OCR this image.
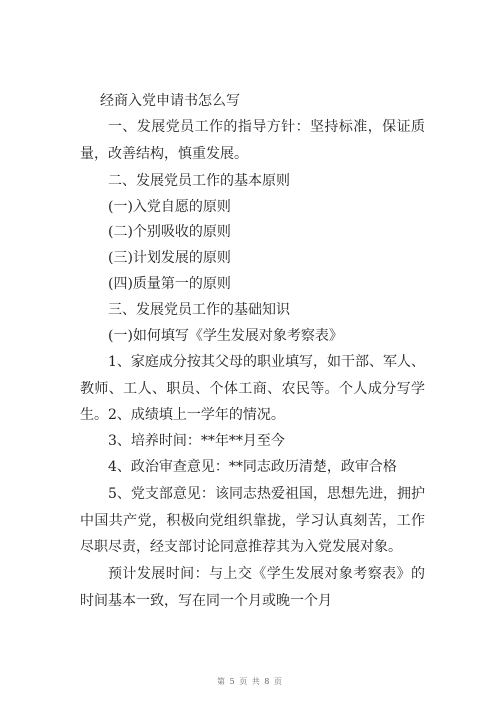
经商入党申请书怎么写

一、发展党员工作的指导方针：坚持标准，保证质量，改善结构，慎重发展。

二、发展党员工作的基本原则

(一)入党自愿的原则

(二)个别吸收的原则

(三)计划发展的原则

(四)质量第一的原则

三、发展党员工作的基础知识

(一)如何填写《学生发展对象考察表》

1、家庭成分按其父母的职业填写，如干部、军人、教师、工人、职员、个体工商、农民等。个人成分写学生。 2、成绩填上一学年的情况。

3、培养时间：**年**月至今

4、政治审查意见：**同志政历清楚，政审合格

5、党支部意见：该同志热爱祖国，思想先进，拥护中国共产党，积极向党组织靠拢，学习认真刻苦，工作尽职尽责，经支部讨论同意推荐其为入党发展对象。

预计发展时间：与上交《学生发展对象考察表》的时间基本一致，写在同一个月或晚一个月

第 5 页 共 8 页
